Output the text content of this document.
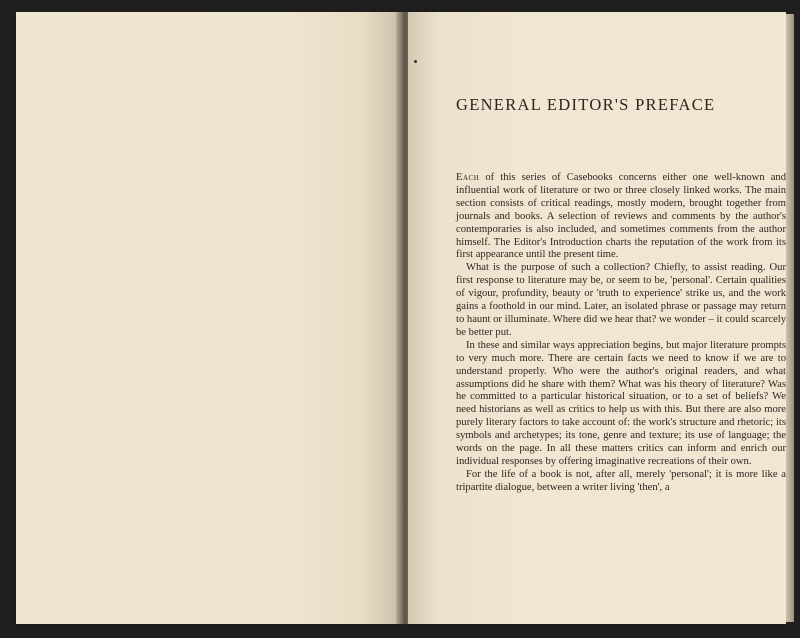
GENERAL EDITOR'S PREFACE

Each of this series of Casebooks concerns either one well-known and influential work of literature or two or three closely linked works. The main section consists of critical readings, mostly modern, brought together from journals and books. A selection of reviews and comments by the author's contemporaries is also included, and sometimes comments from the author himself. The Editor's Introduction charts the reputation of the work from its first appearance until the present time.

What is the purpose of such a collection? Chiefly, to assist reading. Our first response to literature may be, or seem to be, 'personal'. Certain qualities of vigour, profundity, beauty or 'truth to experience' strike us, and the work gains a foothold in our mind. Later, an isolated phrase or passage may return to haunt or illuminate. Where did we hear that? we wonder – it could scarcely be better put.

In these and similar ways appreciation begins, but major literature prompts to very much more. There are certain facts we need to know if we are to understand properly. Who were the author's original readers, and what assumptions did he share with them? What was his theory of literature? Was he committed to a particular historical situation, or to a set of beliefs? We need historians as well as critics to help us with this. But there are also more purely literary factors to take account of: the work's structure and rhetoric; its symbols and archetypes; its tone, genre and texture; its use of language; the words on the page. In all these matters critics can inform and enrich our individual responses by offering imaginative recreations of their own.

For the life of a book is not, after all, merely 'personal'; it is more like a tripartite dialogue, between a writer living 'then', a
